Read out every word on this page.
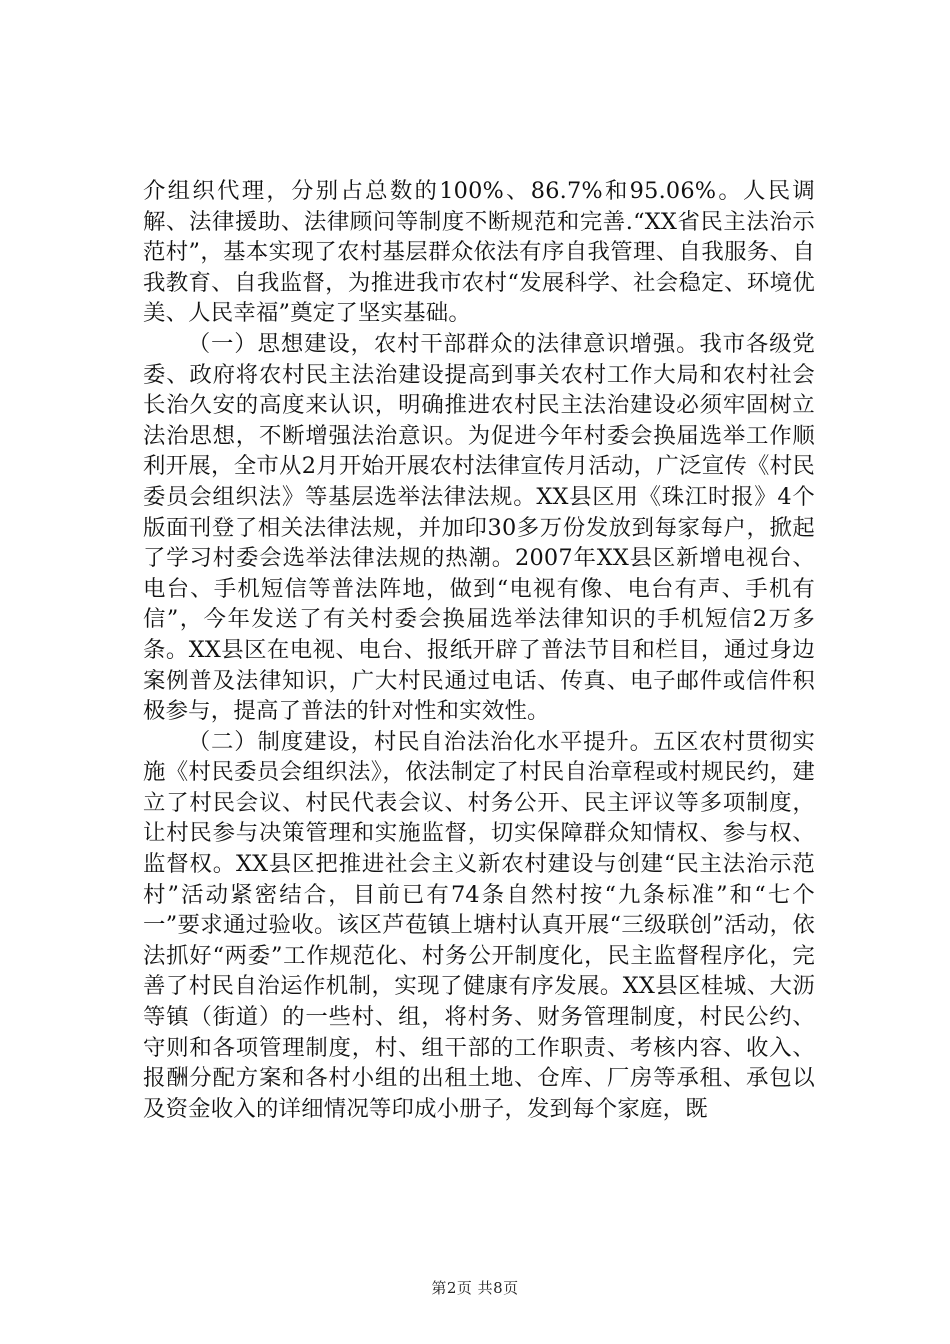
介组织代理，分别占总数的100%、86.7%和95.06%。人民调解、法律援助、法律顾问等制度不断规范和完善.“XX省民主法治示范村”，基本实现了农村基层群众依法有序自我管理、自我服务、自我教育、自我监督，为推进我市农村“发展科学、社会稳定、环境优美、人民幸福”奠定了坚实基础。

（一）思想建设，农村干部群众的法律意识增强。我市各级党委、政府将农村民主法治建设提高到事关农村工作大局和农村社会长治久安的高度来认识，明确推进农村民主法治建设必须牢固树立法治思想，不断增强法治意识。为促进今年村委会换届选举工作顺利开展，全市从2月开始开展农村法律宣传月活动，广泛宣传《村民委员会组织法》等基层选举法律法规。XX县区用《珠江时报》4个版面刊登了相关法律法规，并加印30多万份发放到每家每户，掀起了学习村委会选举法律法规的热潮。2007年XX县区新增电视台、电台、手机短信等普法阵地，做到“电视有像、电台有声、手机有信”，今年发送了有关村委会换届选举法律知识的手机短信2万多条。XX县区在电视、电台、报纸开辟了普法节目和栏目，通过身边案例普及法律知识，广大村民通过电话、传真、电子邮件或信件积极参与，提高了普法的针对性和实效性。

（二）制度建设，村民自治法治化水平提升。五区农村贯彻实施《村民委员会组织法》，依法制定了村民自治章程或村规民约，建立了村民会议、村民代表会议、村务公开、民主评议等多项制度，让村民参与决策管理和实施监督，切实保障群众知情权、参与权、监督权。XX县区把推进社会主义新农村建设与创建“民主法治示范村”活动紧密结合，目前已有74条自然村按“九条标准”和“七个一”要求通过验收。该区芦苞镇上塘村认真开展“三级联创”活动，依法抓好“两委”工作规范化、村务公开制度化，民主监督程序化，完善了村民自治运作机制，实现了健康有序发展。XX县区桂城、大沥等镇（街道）的一些村、组，将村务、财务管理制度，村民公约、守则和各项管理制度，村、组干部的工作职责、考核内容、收入、报酬分配方案和各村小组的出租土地、仓库、厂房等承租、承包以及资金收入的详细情况等印成小册子，发到每个家庭，既

第2页 共8页
